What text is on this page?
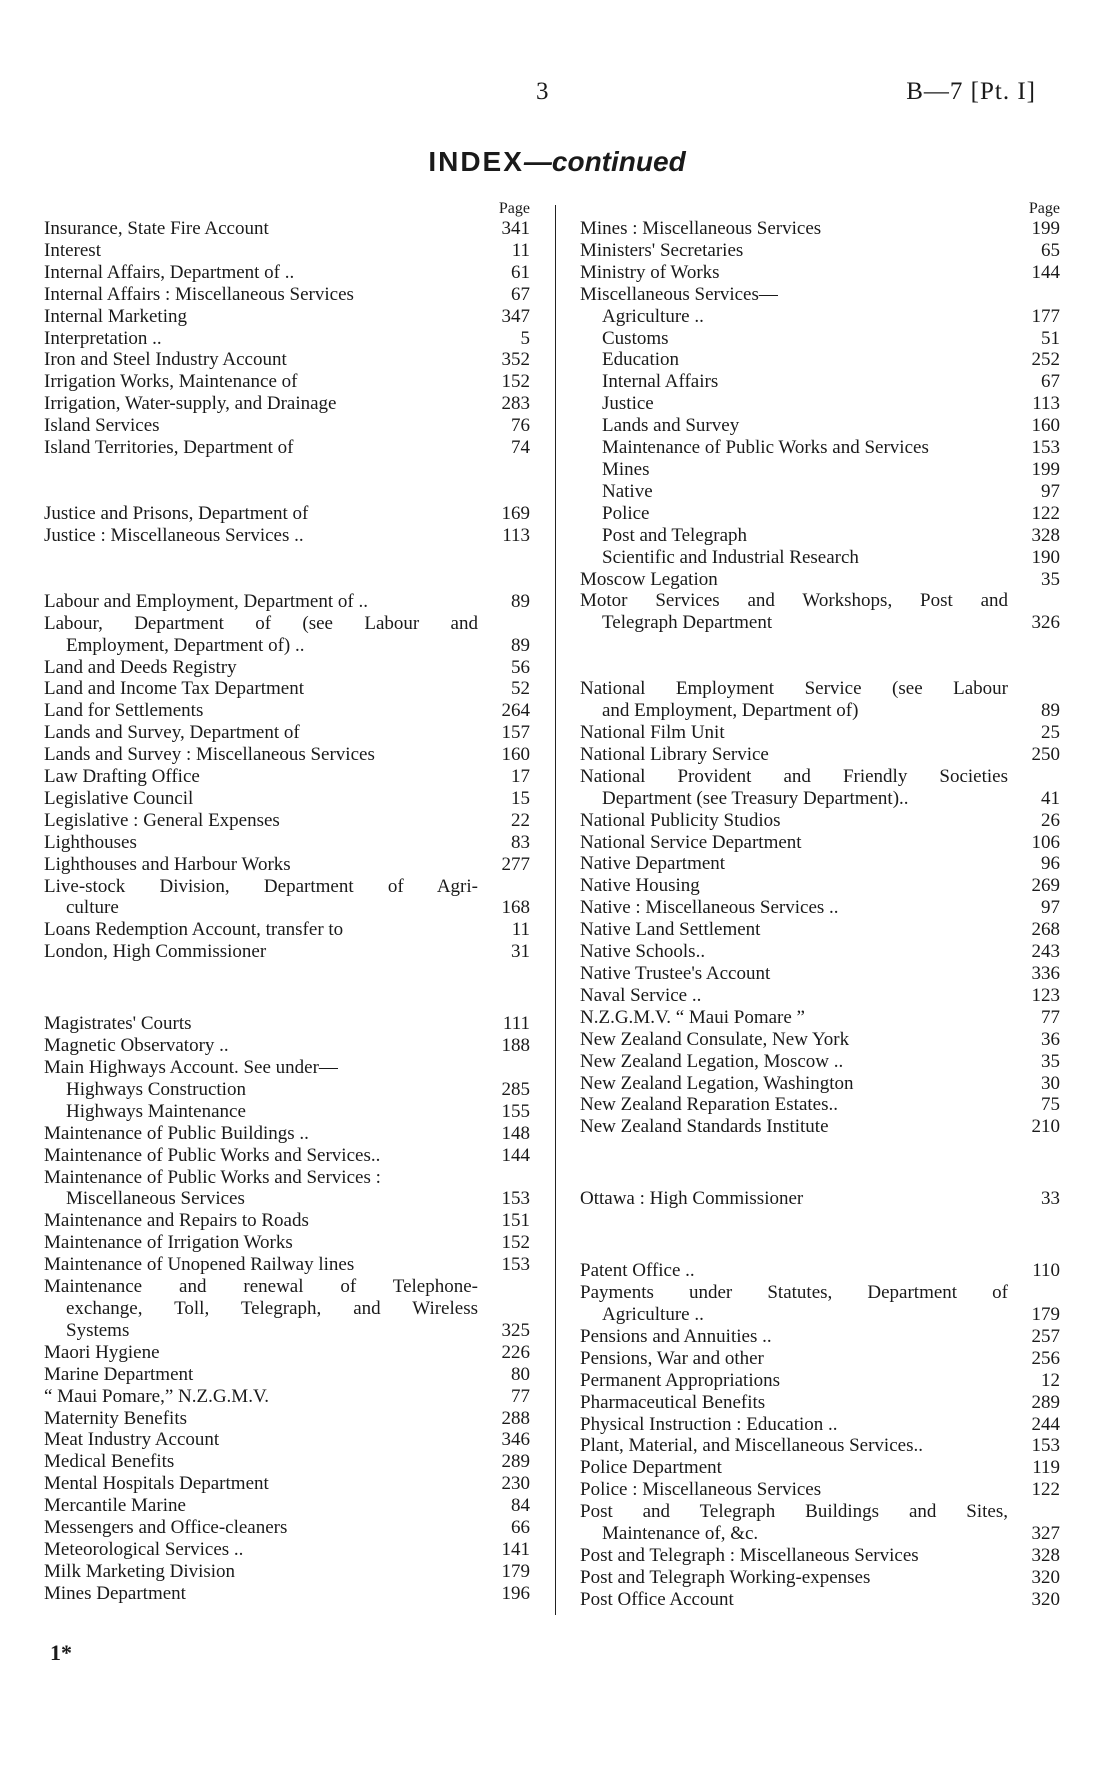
3	B—7 [Pt. I]
INDEX—continued
Page
Insurance, State Fire Account	341
Interest	11
Internal Affairs, Department of ..	61
Internal Affairs : Miscellaneous Services	67
Internal Marketing	347
Interpretation ..	5
Iron and Steel Industry Account	352
Irrigation Works, Maintenance of	152
Irrigation, Water-supply, and Drainage	283
Island Services	76
Island Territories, Department of	74
Justice and Prisons, Department of	169
Justice : Miscellaneous Services ..	113
Labour and Employment, Department of ..	89
Labour, Department of (see Labour and
Employment, Department of) ..	89
Land and Deeds Registry	56
Land and Income Tax Department	52
Land for Settlements	264
Lands and Survey, Department of	157
Lands and Survey : Miscellaneous Services	160
Law Drafting Office	17
Legislative Council	15
Legislative : General Expenses	22
Lighthouses	83
Lighthouses and Harbour Works	277
Live-stock Division, Department of Agri-
culture	168
Loans Redemption Account, transfer to	11
London, High Commissioner	31
Magistrates' Courts	111
Magnetic Observatory ..	188
Main Highways Account. See under—
Highways Construction	285
Highways Maintenance	155
Maintenance of Public Buildings ..	148
Maintenance of Public Works and Services..	144
Maintenance of Public Works and Services :
Miscellaneous Services	153
Maintenance and Repairs to Roads	151
Maintenance of Irrigation Works	152
Maintenance of Unopened Railway lines	153
Maintenance and renewal of Telephone-
exchange, Toll, Telegraph, and Wireless
Systems	325
Maori Hygiene	226
Marine Department	80
“ Maui Pomare,” N.Z.G.M.V.	77
Maternity Benefits	288
Meat Industry Account	346
Medical Benefits	289
Mental Hospitals Department	230
Mercantile Marine	84
Messengers and Office-cleaners	66
Meteorological Services ..	141
Milk Marketing Division	179
Mines Department	196
Page
Mines : Miscellaneous Services	199
Ministers' Secretaries	65
Ministry of Works	144
Miscellaneous Services—
Agriculture ..	177
Customs	51
Education	252
Internal Affairs	67
Justice	113
Lands and Survey	160
Maintenance of Public Works and Services	153
Mines	199
Native	97
Police	122
Post and Telegraph	328
Scientific and Industrial Research	190
Moscow Legation	35
Motor Services and Workshops, Post and
Telegraph Department	326
National Employment Service (see Labour
and Employment, Department of)	89
National Film Unit	25
National Library Service	250
National Provident and Friendly Societies
Department (see Treasury Department)..	41
National Publicity Studios	26
National Service Department	106
Native Department	96
Native Housing	269
Native : Miscellaneous Services ..	97
Native Land Settlement	268
Native Schools..	243
Native Trustee's Account	336
Naval Service ..	123
N.Z.G.M.V. “ Maui Pomare ”	77
New Zealand Consulate, New York	36
New Zealand Legation, Moscow ..	35
New Zealand Legation, Washington	30
New Zealand Reparation Estates..	75
New Zealand Standards Institute	210
Ottawa : High Commissioner	33
Patent Office ..	110
Payments under Statutes, Department of
Agriculture ..	179
Pensions and Annuities ..	257
Pensions, War and other	256
Permanent Appropriations	12
Pharmaceutical Benefits	289
Physical Instruction : Education ..	244
Plant, Material, and Miscellaneous Services..	153
Police Department	119
Police : Miscellaneous Services	122
Post and Telegraph Buildings and Sites,
Maintenance of, &c.	327
Post and Telegraph : Miscellaneous Services	328
Post and Telegraph Working-expenses	320
Post Office Account	320
1*
